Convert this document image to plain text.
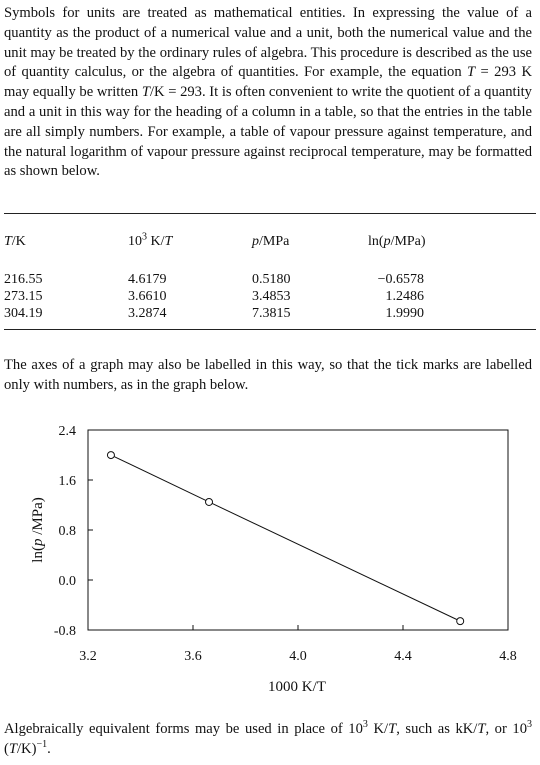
Symbols for units are treated as mathematical entities. In expressing the value of a quantity as the product of a numerical value and a unit, both the numerical value and the unit may be treated by the ordinary rules of algebra. This procedure is described as the use of quantity calculus, or the algebra of quantities. For example, the equation T = 293 K may equally be written T/K = 293. It is often convenient to write the quotient of a quantity and a unit in this way for the heading of a column in a table, so that the entries in the table are all simply numbers. For example, a table of vapour pressure against temperature, and the natural logarithm of vapour pressure against reciprocal temperature, may be formatted as shown below.

T/K	$10^3$ K/T	p/MPa	ln(p/MPa)

216.55	4.6179	0.5180	−0.6578
273.15	3.6610	3.4853	1.2486
304.19	3.2874	7.3815	1.9990

The axes of a graph may also be labelled in this way, so that the tick marks are labelled only with numbers, as in the graph below.

2.4
1.6
0.8
0.0
-0.8
3.2	3.6	4.0	4.4	4.8
1000 K/T
ln(p /MPa)

Algebraically equivalent forms may be used in place of $10^3$ K/T, such as kK/T, or $10^3$ $(T/K)^{-1}$.
